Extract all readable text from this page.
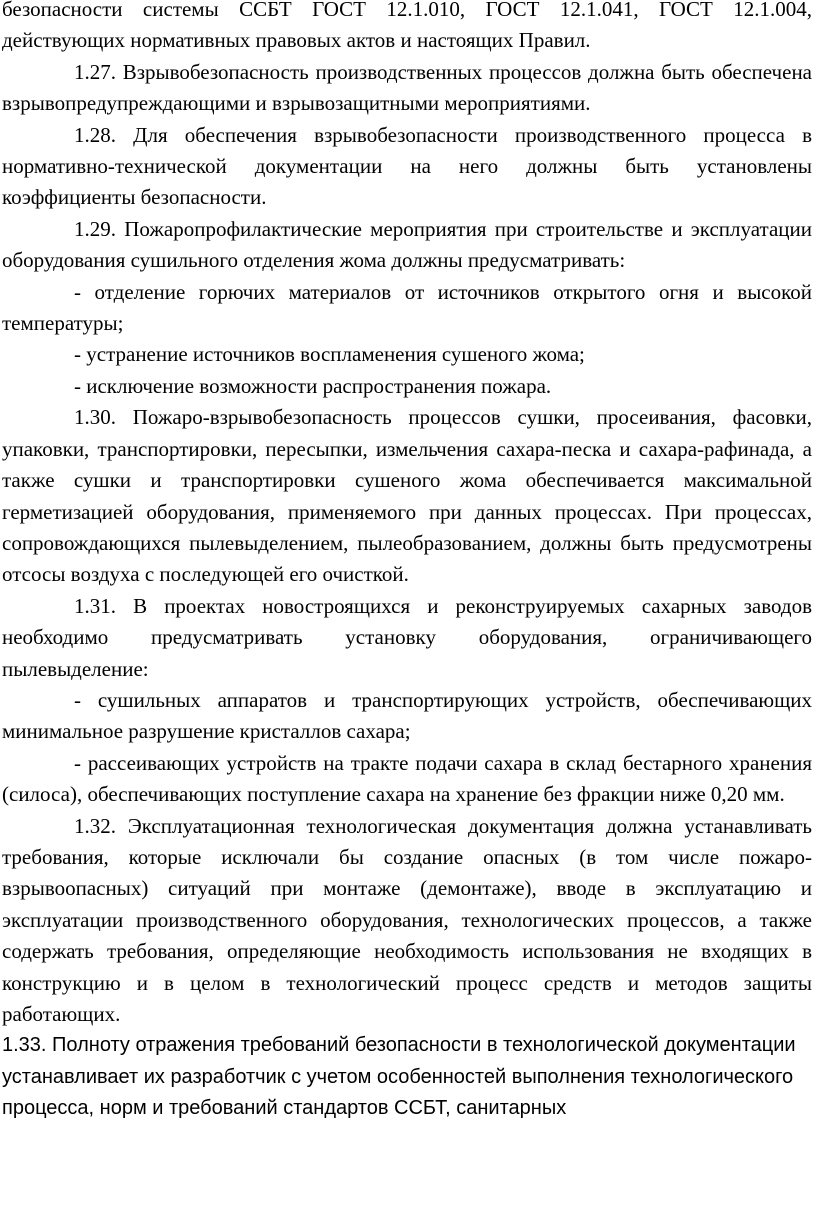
безопасности системы ССБТ ГОСТ 12.1.010, ГОСТ 12.1.041, ГОСТ 12.1.004, действующих нормативных правовых актов и настоящих Правил.

1.27. Взрывобезопасность производственных процессов должна быть обеспечена взрывопредупреждающими и взрывозащитными мероприятиями.

1.28. Для обеспечения взрывобезопасности производственного процесса в нормативно-технической документации на него должны быть установлены коэффициенты безопасности.

1.29. Пожаропрофилактические мероприятия при строительстве и эксплуатации оборудования сушильного отделения жома должны предусматривать:

- отделение горючих материалов от источников открытого огня и высокой температуры;

- устранение источников воспламенения сушеного жома;

- исключение возможности распространения пожара.

1.30. Пожаро-взрывобезопасность процессов сушки, просеивания, фасовки, упаковки, транспортировки, пересыпки, измельчения сахара-песка и сахара-рафинада, а также сушки и транспортировки сушеного жома обеспечивается максимальной герметизацией оборудования, применяемого при данных процессах. При процессах, сопровождающихся пылевыделением, пылеобразованием, должны быть предусмотрены отсосы воздуха с последующей его очисткой.

1.31. В проектах новостроящихся и реконструируемых сахарных заводов необходимо предусматривать установку оборудования, ограничивающего пылевыделение:

- сушильных аппаратов и транспортирующих устройств, обеспечивающих минимальное разрушение кристаллов сахара;

- рассеивающих устройств на тракте подачи сахара в склад бестарного хранения (силоса), обеспечивающих поступление сахара на хранение без фракции ниже 0,20 мм.

1.32. Эксплуатационная технологическая документация должна устанавливать требования, которые исключали бы создание опасных (в том числе пожаро-взрывоопасных) ситуаций при монтаже (демонтаже), вводе в эксплуатацию и эксплуатации производственного оборудования, технологических процессов, а также содержать требования, определяющие необходимость использования не входящих в конструкцию и в целом в технологический процесс средств и методов защиты работающих.

1.33. Полноту отражения требований безопасности в технологической документации устанавливает их разработчик с учетом особенностей выполнения технологического процесса, норм и требований стандартов ССБТ, санитарных
